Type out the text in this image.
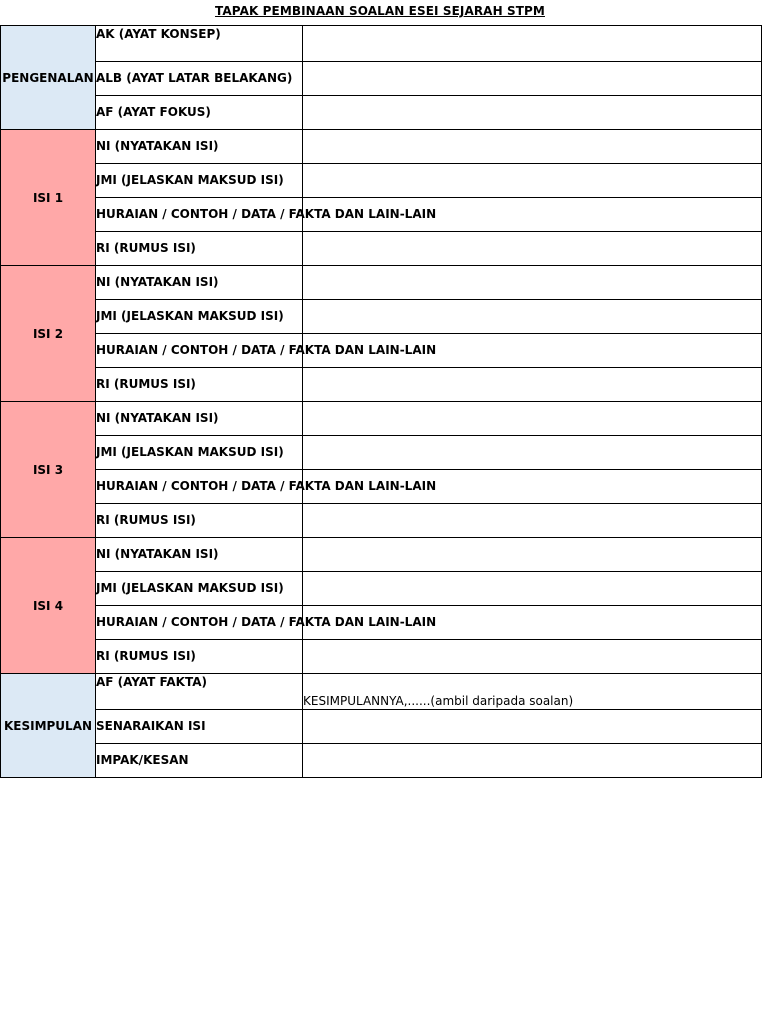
TAPAK PEMBINAAN SOALAN ESEI SEJARAH STPM
PENGENALAN	AK (AYAT KONSEP)	
	ALB (AYAT LATAR BELAKANG)	
	AF (AYAT FOKUS)	
ISI 1	NI (NYATAKAN ISI)	
	JMI (JELASKAN MAKSUD ISI)	
	HURAIAN / CONTOH / DATA / FAKTA DAN LAIN-LAIN	
	RI (RUMUS ISI)	
ISI 2	NI (NYATAKAN ISI)	
	JMI (JELASKAN MAKSUD ISI)	
	HURAIAN / CONTOH / DATA / FAKTA DAN LAIN-LAIN	
	RI (RUMUS ISI)	
ISI 3	NI (NYATAKAN ISI)	
	JMI (JELASKAN MAKSUD ISI)	
	HURAIAN / CONTOH / DATA / FAKTA DAN LAIN-LAIN	
	RI (RUMUS ISI)	
ISI 4	NI (NYATAKAN ISI)	
	JMI (JELASKAN MAKSUD ISI)	
	HURAIAN / CONTOH / DATA / FAKTA DAN LAIN-LAIN	
	RI (RUMUS ISI)	
KESIMPULAN	AF (AYAT FAKTA)	KESIMPULANNYA,......(ambil daripada soalan)
	SENARAIKAN ISI	
	IMPAK/KESAN	
